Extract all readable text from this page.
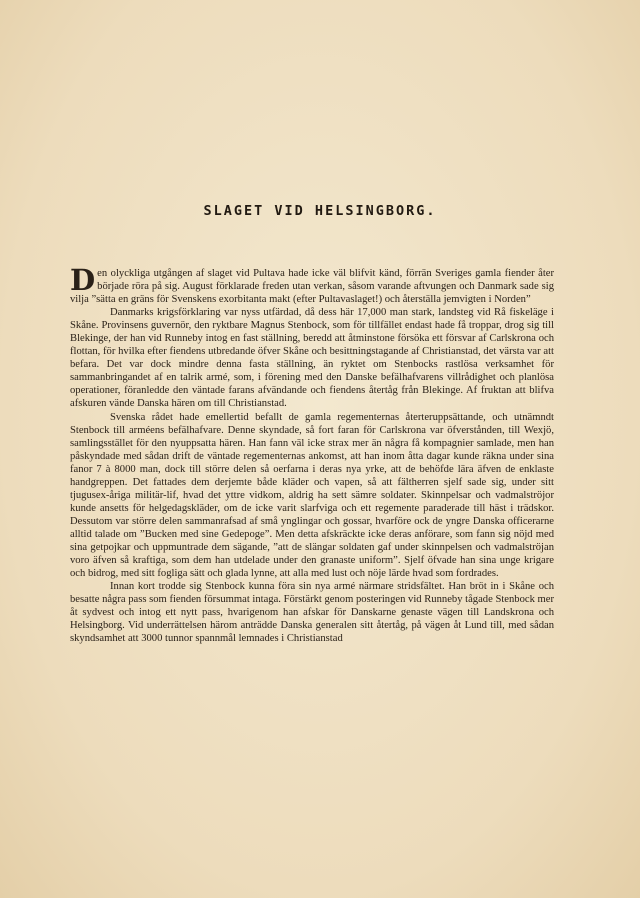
SLAGET VID HELSINGBORG.

Den olyckliga utgången af slaget vid Pultava hade icke väl blifvit känd, förrän Sveriges gamla fiender åter började röra på sig. August förklarade freden utan verkan, såsom varande aftvungen och Danmark sade sig vilja ”sätta en gräns för Svenskens exorbitanta makt (efter Pultavaslaget!) och återställa jemvigten i Norden”

Danmarks krigsförklaring var nyss utfärdad, då dess här 17,000 man stark, landsteg vid Rå fiskeläge i Skåne. Provinsens guvernör, den ryktbare Magnus Stenbock, som för tillfället endast hade få troppar, drog sig till Blekinge, der han vid Runneby intog en fast ställning, beredd att åtminstone försöka ett försvar af Carlskrona och flottan, för hvilka efter fiendens utbredande öfver Skåne och besittningstagande af Christianstad, det värsta var att befara. Det var dock mindre denna fasta ställning, än ryktet om Stenbocks rastlösa verksamhet för sammanbringandet af en talrik armé, som, i förening med den Danske befälhafvarens villrådighet och planlösa operationer, föranledde den väntade farans afvändande och fiendens återtåg från Blekinge. Af fruktan att blifva afskuren vände Danska hären om till Christianstad.

Svenska rådet hade emellertid befallt de gamla regementernas återteruppsättande, och utnämndt Stenbock till arméens befälhafvare. Denne skyndade, så fort faran för Carlskrona var öfverstånden, till Wexjö, samlingsstället för den nyuppsatta hären. Han fann väl icke strax mer än några få kompagnier samlade, men han påskyndade med sådan drift de väntade regementernas ankomst, att han inom åtta dagar kunde räkna under sina fanor 7 à 8000 man, dock till större delen så oerfarna i deras nya yrke, att de behöfde lära äfven de enklaste handgreppen. Det fattades dem derjemte både kläder och vapen, så att fältherren sjelf sade sig, under sitt tjugusex-åriga militär-lif, hvad det yttre vidkom, aldrig ha sett sämre soldater. Skinnpelsar och vadmalströjor kunde ansetts för helgedagskläder, om de icke varit slarfviga och ett regemente paraderade till häst i trädskor. Dessutom var större delen sammanrafsad af små ynglingar och gossar, hvarföre ock de yngre Danska officerarne alltid talade om ”Bucken med sine Gedepoge”. Men detta afskräckte icke deras anförare, som fann sig nöjd med sina getpojkar och uppmuntrade dem sägande, ”att de slängar soldaten gaf under skinnpelsen och vadmalströjan voro äfven så kraftiga, som dem han utdelade under den granaste uniform”. Sjelf öfvade han sina unge krigare och bidrog, med sitt fogliga sätt och glada lynne, att alla med lust och nöje lärde hvad som fordrades.

Innan kort trodde sig Stenbock kunna föra sin nya armé närmare stridsfältet. Han bröt in i Skåne och besatte några pass som fienden försummat intaga. Förstärkt genom posteringen vid Runneby tågade Stenbock mer åt sydvest och intog ett nytt pass, hvarigenom han afskar för Danskarne genaste vägen till Landskrona och Helsingborg. Vid underrättelsen härom anträdde Danska generalen sitt återtåg, på vägen åt Lund till, med sådan skyndsamhet att 3000 tunnor spannmål lemnades i Christianstad
